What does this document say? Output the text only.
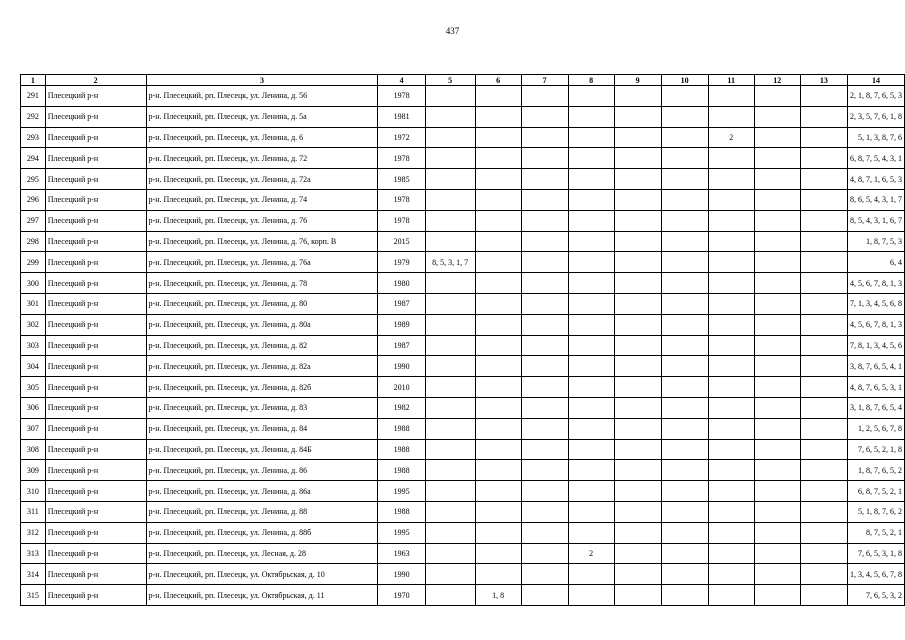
437
1	2	3	4	5	6	7	8	9	10	11	12	13	14
291	Плесецкий р-н	р-н. Плесецкий, рп. Плесецк, ул. Ленина, д. 56	1978										2, 1, 8, 7, 6, 5, 3
292	Плесецкий р-н	р-н. Плесецкий, рп. Плесецк, ул. Ленина, д. 5а	1981										2, 3, 5, 7, 6, 1, 8
293	Плесецкий р-н	р-н. Плесецкий, рп. Плесецк, ул. Ленина, д. 6	1972							2			5, 1, 3, 8, 7, 6
294	Плесецкий р-н	р-н. Плесецкий, рп. Плесецк, ул. Ленина, д. 72	1978										6, 8, 7, 5, 4, 3, 1
295	Плесецкий р-н	р-н. Плесецкий, рп. Плесецк, ул. Ленина, д. 72а	1985										4, 8, 7, 1, 6, 5, 3
296	Плесецкий р-н	р-н. Плесецкий, рп. Плесецк, ул. Ленина, д. 74	1978										8, 6, 5, 4, 3, 1, 7
297	Плесецкий р-н	р-н. Плесецкий, рп. Плесецк, ул. Ленина, д. 76	1978										8, 5, 4, 3, 1, 6, 7
298	Плесецкий р-н	р-н. Плесецкий, рп. Плесецк, ул. Ленина, д. 76, корп. В	2015										1, 8, 7, 5, 3
299	Плесецкий р-н	р-н. Плесецкий, рп. Плесецк, ул. Ленина, д. 76а	1979	8, 5, 3, 1, 7									6, 4
300	Плесецкий р-н	р-н. Плесецкий, рп. Плесецк, ул. Ленина, д. 78	1980										4, 5, 6, 7, 8, 1, 3
301	Плесецкий р-н	р-н. Плесецкий, рп. Плесецк, ул. Ленина, д. 80	1987										7, 1, 3, 4, 5, 6, 8
302	Плесецкий р-н	р-н. Плесецкий, рп. Плесецк, ул. Ленина, д. 80а	1989										4, 5, 6, 7, 8, 1, 3
303	Плесецкий р-н	р-н. Плесецкий, рп. Плесецк, ул. Ленина, д. 82	1987										7, 8, 1, 3, 4, 5, 6
304	Плесецкий р-н	р-н. Плесецкий, рп. Плесецк, ул. Ленина, д. 82а	1990										3, 8, 7, 6, 5, 4, 1
305	Плесецкий р-н	р-н. Плесецкий, рп. Плесецк, ул. Ленина, д. 82б	2010										4, 8, 7, 6, 5, 3, 1
306	Плесецкий р-н	р-н. Плесецкий, рп. Плесецк, ул. Ленина, д. 83	1982										3, 1, 8, 7, 6, 5, 4
307	Плесецкий р-н	р-н. Плесецкий, рп. Плесецк, ул. Ленина, д. 84	1988										1, 2, 5, 6, 7, 8
308	Плесецкий р-н	р-н. Плесецкий, рп. Плесецк, ул. Ленина, д. 84Б	1988										7, 6, 5, 2, 1, 8
309	Плесецкий р-н	р-н. Плесецкий, рп. Плесецк, ул. Ленина, д. 86	1988										1, 8, 7, 6, 5, 2
310	Плесецкий р-н	р-н. Плесецкий, рп. Плесецк, ул. Ленина, д. 86а	1995										6, 8, 7, 5, 2, 1
311	Плесецкий р-н	р-н. Плесецкий, рп. Плесецк, ул. Ленина, д. 88	1988										5, 1, 8, 7, 6, 2
312	Плесецкий р-н	р-н. Плесецкий, рп. Плесецк, ул. Ленина, д. 88б	1995										8, 7, 5, 2, 1
313	Плесецкий р-н	р-н. Плесецкий, рп. Плесецк, ул. Лесная, д. 28	1963				2						7, 6, 5, 3, 1, 8
314	Плесецкий р-н	р-н. Плесецкий, рп. Плесецк, ул. Октябрьская, д. 10	1990										1, 3, 4, 5, 6, 7, 8
315	Плесецкий р-н	р-н. Плесецкий, рп. Плесецк, ул. Октябрьская, д. 11	1970		1, 8								7, 6, 5, 3, 2
